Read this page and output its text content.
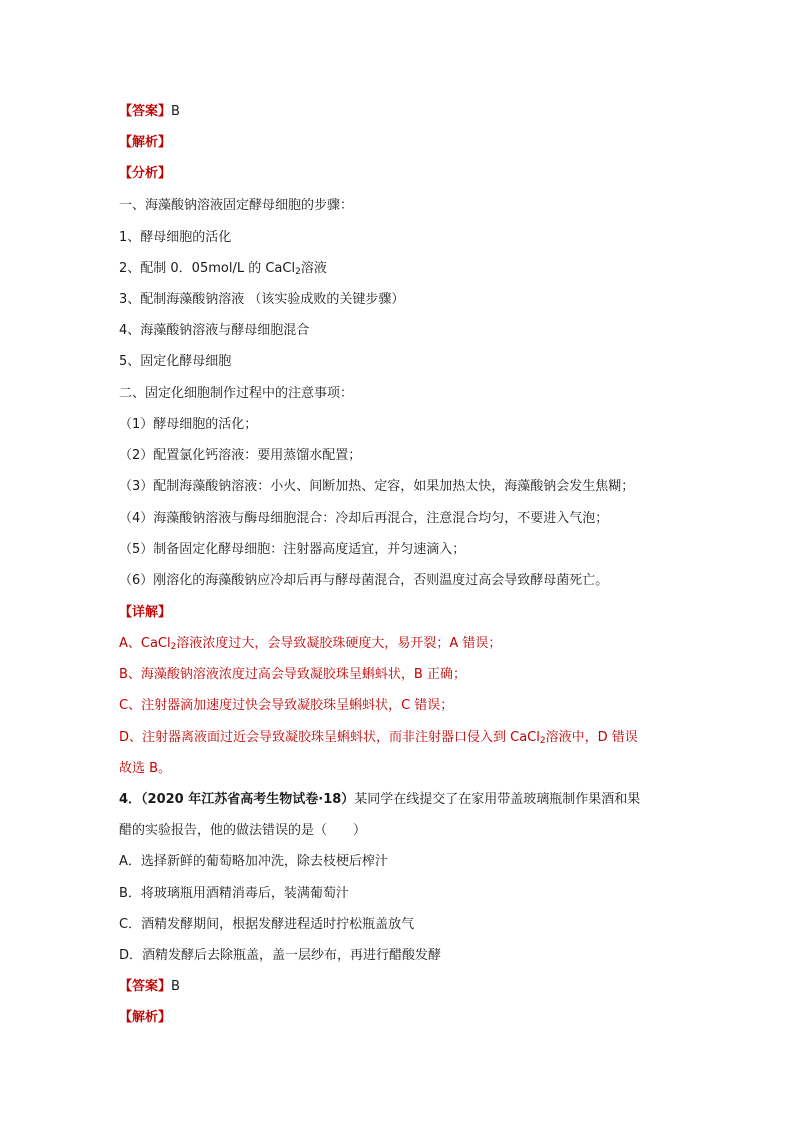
【答案】B
【解析】
【分析】
一、海藻酸钠溶液固定酵母细胞的步骤：
1、酵母细胞的活化
2、配制 0．05mol/L 的 CaCl$_2$溶液
3、配制海藻酸钠溶液 （该实验成败的关键步骤）
4、海藻酸钠溶液与酵母细胞混合
5、固定化酵母细胞
二、固定化细胞制作过程中的注意事项：
（1）酵母细胞的活化；
（2）配置氯化钙溶液：要用蒸馏水配置；
（3）配制海藻酸钠溶液：小火、间断加热、定容，如果加热太快，海藻酸钠会发生焦糊；
（4）海藻酸钠溶液与酶母细胞混合：冷却后再混合，注意混合均匀，不要进入气泡；
（5）制备固定化酵母细胞：注射器高度适宜，并匀速滴入；
（6）刚溶化的海藻酸钠应冷却后再与酵母菌混合，否则温度过高会导致酵母菌死亡。
【详解】
A、CaCl$_2$溶液浓度过大，会导致凝胶珠硬度大，易开裂；A 错误；
B、海藻酸钠溶液浓度过高会导致凝胶珠呈蝌蚪状，B 正确；
C、注射器滴加速度过快会导致凝胶珠呈蝌蚪状，C 错误；
D、注射器离液面过近会导致凝胶珠呈蝌蚪状，而非注射器口侵入到 CaCl$_2$溶液中，D 错误
故选 B。
4．（2020 年江苏省高考生物试卷·18）某同学在线提交了在家用带盖玻璃瓶制作果酒和果
醋的实验报告，他的做法错误的是（　　）
A．选择新鲜的葡萄略加冲洗，除去枝梗后榨汁
B．将玻璃瓶用酒精消毒后，装满葡萄汁
C．酒精发酵期间，根据发酵进程适时拧松瓶盖放气
D．酒精发酵后去除瓶盖，盖一层纱布，再进行醋酸发酵
【答案】B
【解析】
